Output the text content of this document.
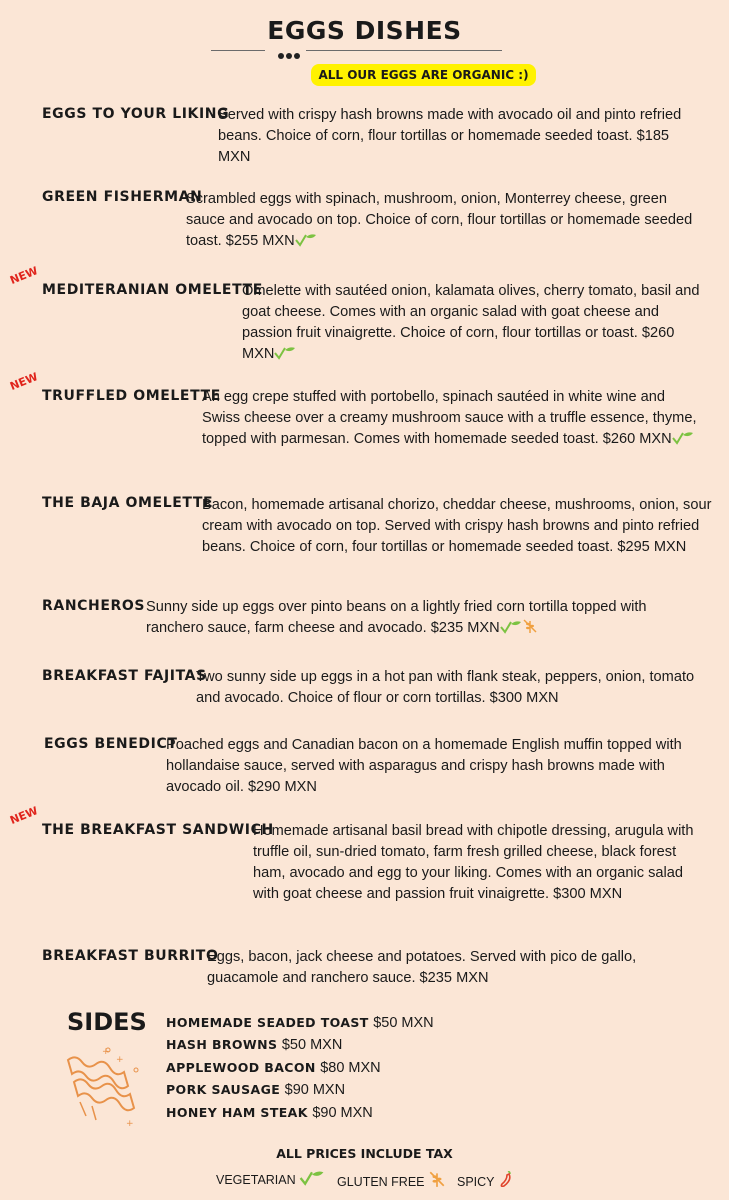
EGGS DISHES
ALL OUR EGGS ARE ORGANIC :)
EGGS TO YOUR LIKING
Served with crispy hash browns made with avocado oil and pinto refried beans. Choice of corn, flour tortillas or homemade seeded toast. $185 MXN
GREEN FISHERMAN
Scrambled eggs with spinach, mushroom, onion, Monterrey cheese, green sauce and avocado on top. Choice of corn, flour tortillas or homemade seeded toast. $255 MXN
NEW
MEDITERANIAN OMELETTE
Omelette with sautéed onion, kalamata olives, cherry tomato, basil and goat cheese. Comes with an organic salad with goat cheese and passion fruit vinaigrette. Choice of corn, flour tortillas or toast. $260 MXN
NEW
TRUFFLED OMELETTE
An egg crepe stuffed with portobello, spinach sautéed in white wine and Swiss cheese over a creamy mushroom sauce with a truffle essence, thyme, topped with parmesan. Comes with homemade seeded toast. $260 MXN
THE BAJA OMELETTE
Bacon, homemade artisanal chorizo, cheddar cheese, mushrooms, onion, sour cream with avocado on top. Served with crispy hash browns and pinto refried beans. Choice of corn, four tortillas or homemade seeded toast. $295 MXN
RANCHEROS Sunny side up eggs over pinto beans on a lightly fried corn tortilla topped with ranchero sauce, farm cheese and avocado. $235 MXN
BREAKFAST FAJITAS
Two sunny side up eggs in a hot pan with flank steak, peppers, onion, tomato and avocado. Choice of flour or corn tortillas. $300 MXN
EGGS BENEDICT
Poached eggs and Canadian bacon on a homemade English muffin topped with hollandaise sauce, served with asparagus and crispy hash browns made with avocado oil. $290 MXN
NEW
THE BREAKFAST SANDWICH
Homemade artisanal basil bread with chipotle dressing, arugula with truffle oil, sun-dried tomato, farm fresh grilled cheese, black forest ham, avocado and egg to your liking. Comes with an organic salad with goat cheese and passion fruit vinaigrette. $300 MXN
BREAKFAST BURRITO
Eggs, bacon, jack cheese and potatoes. Served with pico de gallo, guacamole and ranchero sauce. $235 MXN
SIDES
+
+
+
HOMEMADE SEADED TOAST $50 MXN
HASH BROWNS $50 MXN
APPLEWOOD BACON $80 MXN
PORK SAUSAGE $90 MXN
HONEY HAM STEAK $90 MXN
ALL PRICES INCLUDE TAX
VEGETARIAN	GLUTEN FREE	SPICY
